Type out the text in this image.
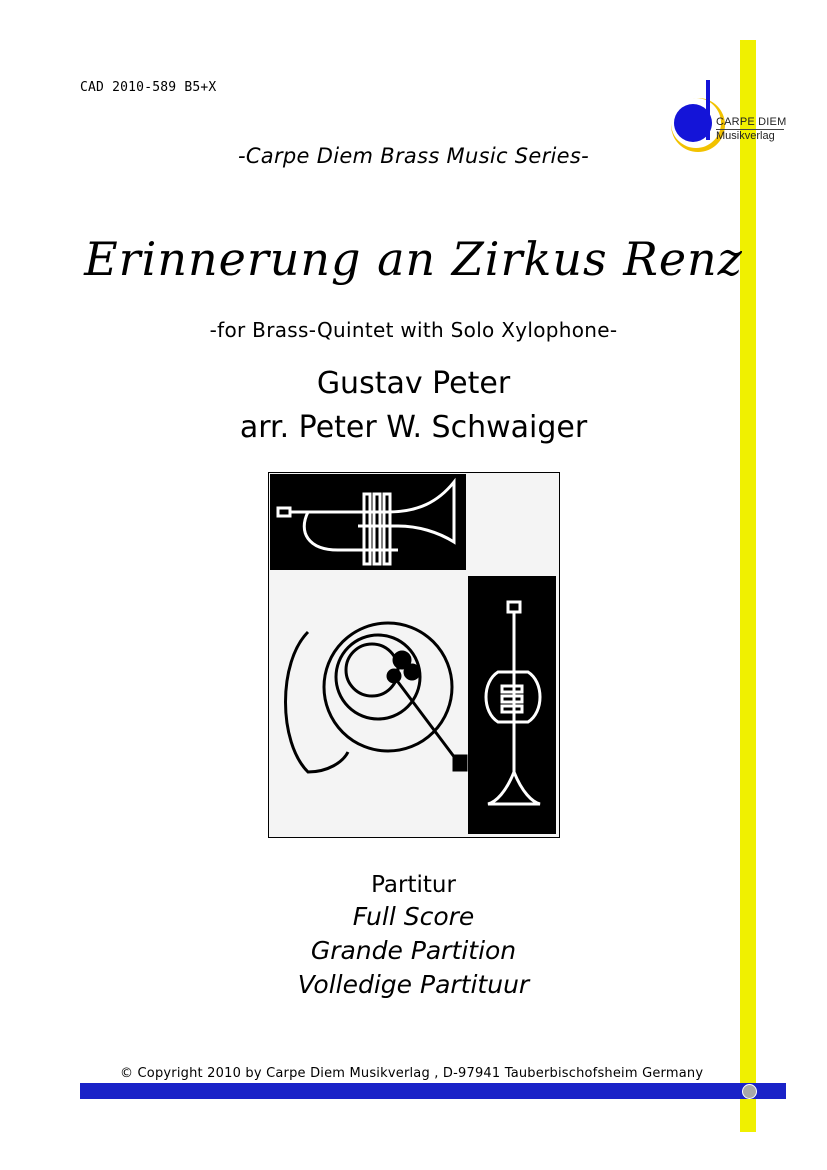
CAD 2010-589 B5+X
CARPE DIEM
Musikverlag
-Carpe Diem Brass Music Series-
Erinnerung an Zirkus Renz
-for Brass-Quintet with Solo Xylophone-
Gustav Peter
arr. Peter W. Schwaiger
Partitur
Full Score
Grande Partition
Volledige Partituur
© Copyright 2010 by Carpe Diem Musikverlag , D-97941 Tauberbischofsheim Germany
